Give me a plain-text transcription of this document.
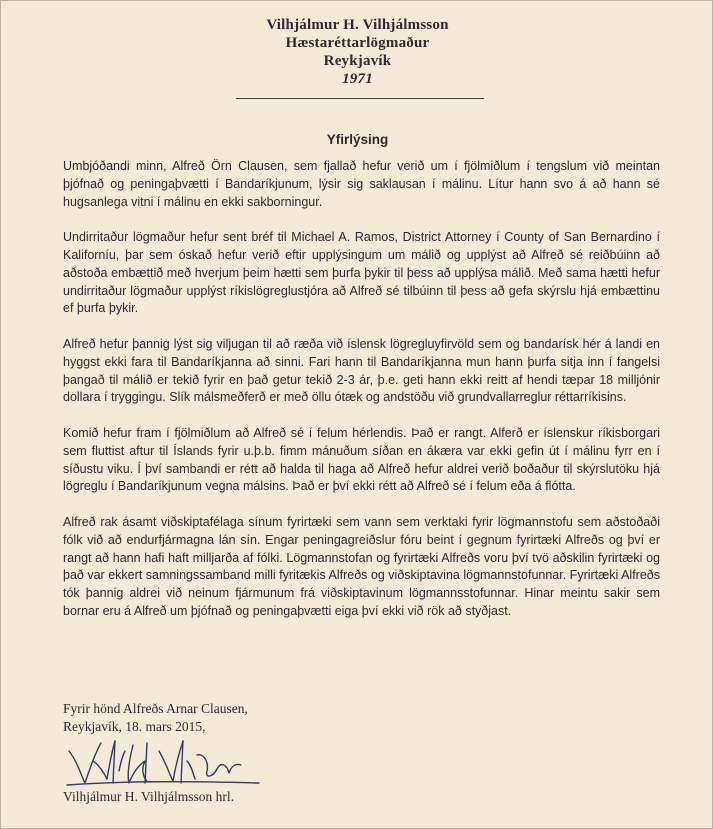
Vilhjálmur H. Vilhjálmsson
Hæstaréttarlögmaður
Reykjavík
1971
Yfirlýsing

Umbjóðandi minn, Alfreð Örn Clausen, sem fjallað hefur verið um í fjölmiðlum í tengslum við meintan þjófnað og peningaþvætti í Bandaríkjunum, lýsir sig saklausan í málinu. Lítur hann svo á að hann sé hugsanlega vitni í málinu en ekki sakborningur.

Undirritaður lögmaður hefur sent bréf til Michael A. Ramos, District Attorney í County of San Bernardino í Kaliforníu, þar sem óskað hefur verið eftir upplýsingum um málið og upplýst að Alfreð sé reiðbúinn að aðstoða embættið með hverjum þeim hætti sem þurfa þykir til þess að upplýsa málið. Með sama hætti hefur undirritaður lögmaður upplýst ríkislögreglustjóra að Alfreð sé tilbúinn til þess að gefa skýrslu hjá embættinu ef þurfa þykir.

Alfreð hefur þannig lýst sig viljugan til að ræða við íslensk lögregluyfirvöld sem og bandarísk hér á landi en hyggst ekki fara til Bandaríkjanna að sinni. Fari hann til Bandaríkjanna mun hann þurfa sitja inn í fangelsi þangað til málið er tekið fyrir en það getur tekið 2-3 ár, þ.e. geti hann ekki reitt af hendi tæpar 18 milljónir dollara í tryggingu. Slík málsmeðferð er með öllu ótæk og andstöðu við grundvallarreglur réttarríkisins.

Komið hefur fram í fjölmiðlum að Alfreð sé í felum hérlendis. Það er rangt. Alferð er íslenskur ríkisborgari sem fluttist aftur til Íslands fyrir u.þ.b. fimm mánuðum síðan en ákæra var ekki gefin út í málinu fyrr en í síðustu viku. Í því sambandi er rétt að halda til haga að Alfreð hefur aldrei verið boðaður til skýrslutöku hjá lögreglu í Bandaríkjunum vegna málsins. Það er því ekki rétt að Alfreð sé í felum eða á flótta.

Alfreð rak ásamt viðskiptafélaga sínum fyrirtæki sem vann sem verktaki fyrir lögmannstofu sem aðstoðaði fólk við að endurfjármagna lán sín. Engar peningagreiðslur fóru beint í gegnum fyrirtæki Alfreðs og því er rangt að hann hafi haft milljarða af fólki. Lögmannstofan og fyrirtæki Alfreðs voru því tvö aðskilin fyrirtæki og það var ekkert samningssamband milli fyritækis Alfreðs og viðskiptavina lögmannstofunnar. Fyrirtæki Alfreðs tók þannig aldrei við neinum fjármunum frá viðskiptavinum lögmannsstofunnar. Hinar meintu sakir sem bornar eru á Alfreð um þjófnað og peningaþvætti eiga því ekki við rök að styðjast.

Fyrir hönd Alfreðs Arnar Clausen,
Reykjavík, 18. mars 2015,
Vilhjálmur H. Vilhjálmsson hrl.
